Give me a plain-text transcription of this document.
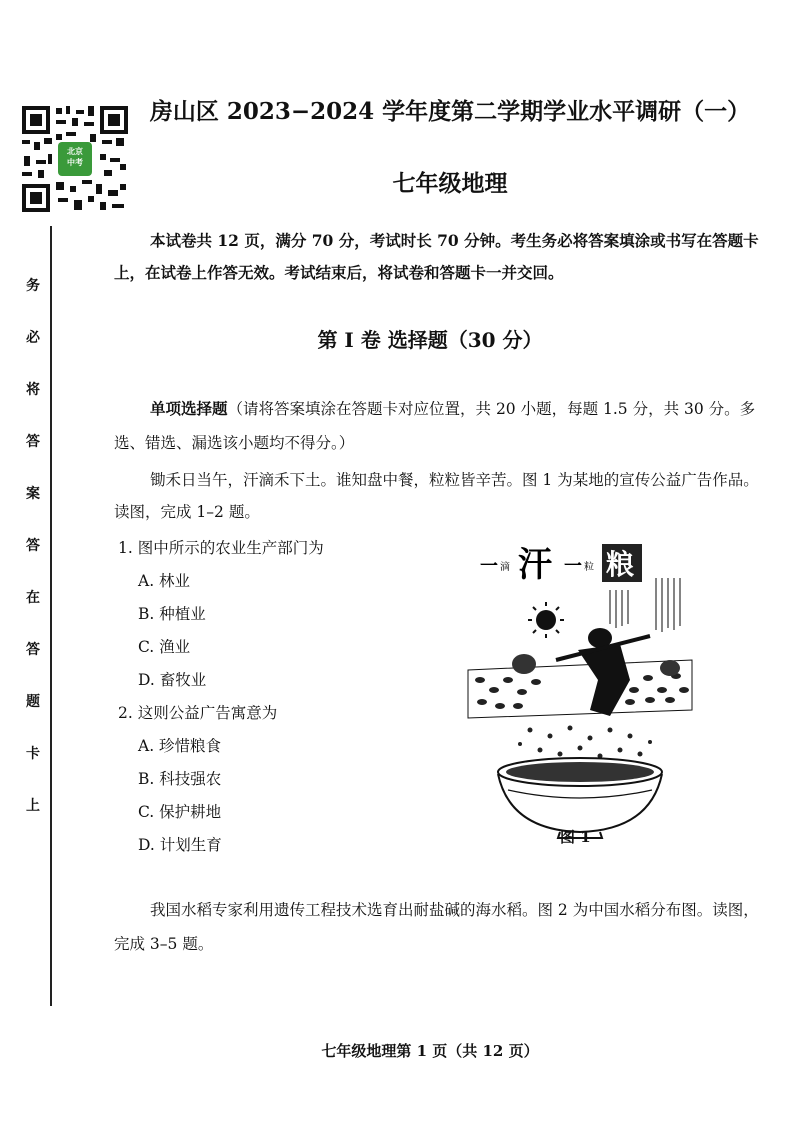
北京
中考
务
必
将
答
案
答
在
答
题
卡
上
房山区 2023−2024 学年度第二学期学业水平调研（一）
七年级地理
本试卷共 12 页，满分 70 分，考试时长 70 分钟。考生务必将答案填涂或书写在答题卡上，在试卷上作答无效。考试结束后，将试卷和答题卡一并交回。
第 I 卷 选择题（30 分）
单项选择题（请将答案填涂在答题卡对应位置，共 20 小题，每题 1.5 分，共 30 分。多选、错选、漏选该小题均不得分。）
锄禾日当午，汗滴禾下土。谁知盘中餐，粒粒皆辛苦。图 1 为某地的宣传公益广告作品。读图，完成 1–2 题。
1. 图中所示的农业生产部门为
A. 林业
B. 种植业
C. 渔业
D. 畜牧业
2. 这则公益广告寓意为
A. 珍惜粮食
B. 科技强农
C. 保护耕地
D. 计划生育
一 滴 汗 一 粒 粮
图 1
我国水稻专家利用遗传工程技术选育出耐盐碱的海水稻。图 2 为中国水稻分布图。读图，完成 3–5 题。
七年级地理第 1 页（共 12 页）
